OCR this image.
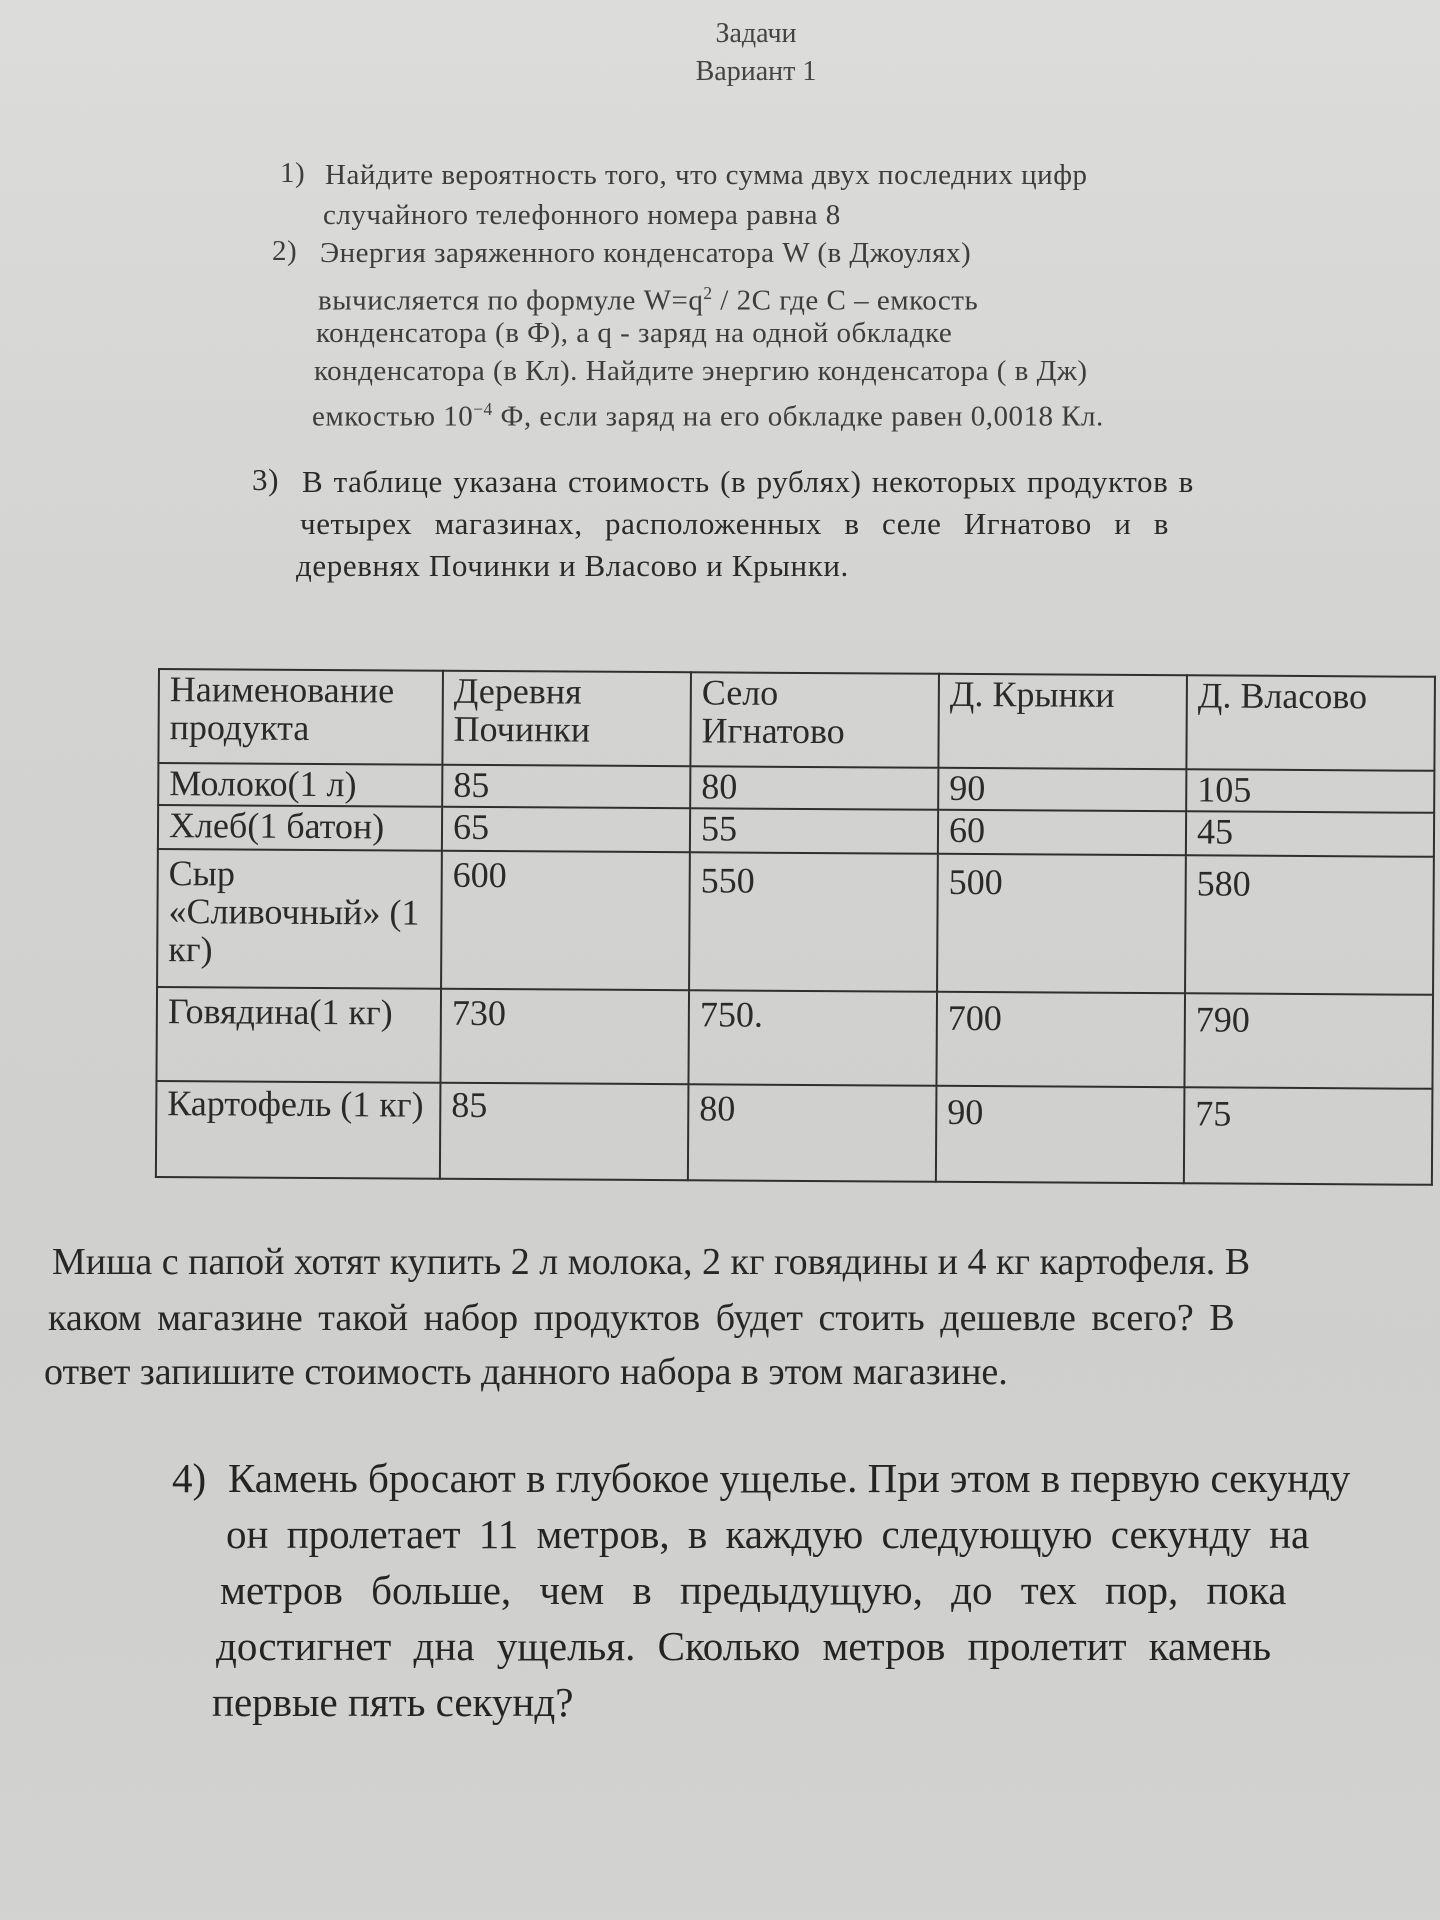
Задачи
Вариант 1
1) Найдите вероятность того, что сумма двух последних цифр
случайного телефонного номера равна 8
2) Энергия заряженного конденсатора W (в Джоулях)
вычисляется по формуле $W=q^2 / 2C$ где C – емкость
конденсатора (в Ф), а q - заряд на одной обкладке
конденсатора (в Кл). Найдите энергию конденсатора ( в Дж)
емкостью $10^{-4}$ Ф, если заряд на его обкладке равен 0,0018 Кл.
3) В таблице указана стоимость (в рублях) некоторых продуктов в
четырех магазинах, расположенных в селе Игнатово и в
деревнях Починки и Власово и Крынки.
Наименование продукта	Деревня Починки	Село Игнатово	Д. Крынки	Д. Власово
Молоко(1 л)	85	80	90	105
Хлеб(1 батон)	65	55	60	45
Сыр «Сливочный» (1 кг)	600	550	500	580
Говядина(1 кг)	730	750.	700	790
Картофель (1 кг)	85	80	90	75
Миша с папой хотят купить 2 л молока, 2 кг говядины и 4 кг картофеля. В
каком магазине такой набор продуктов будет стоить дешевле всего? В
ответ запишите стоимость данного набора в этом магазине.
4) Камень бросают в глубокое ущелье. При этом в первую секунду
он пролетает 11 метров, в каждую следующую секунду на
метров больше, чем в предыдущую, до тех пор, пока
достигнет дна ущелья. Сколько метров пролетит камень
первые пять секунд?
